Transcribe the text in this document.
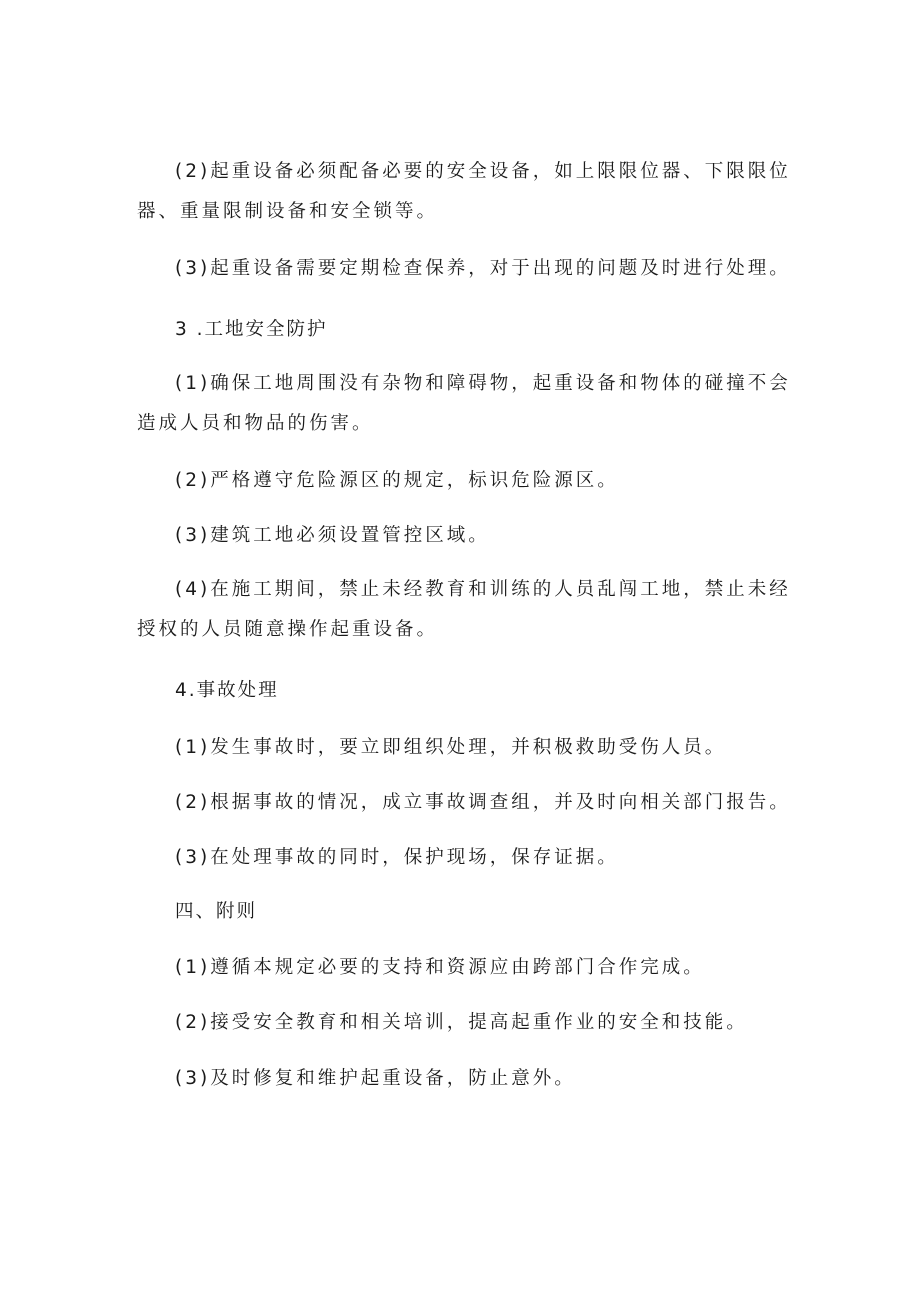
(2)起重设备必须配备必要的安全设备，如上限限位器、下限限位器、重量限制设备和安全锁等。

(3)起重设备需要定期检查保养，对于出现的问题及时进行处理。

3 .工地安全防护

(1)确保工地周围没有杂物和障碍物，起重设备和物体的碰撞不会造成人员和物品的伤害。

(2)严格遵守危险源区的规定，标识危险源区。

(3)建筑工地必须设置管控区域。

(4)在施工期间，禁止未经教育和训练的人员乱闯工地，禁止未经授权的人员随意操作起重设备。

4.事故处理

(1)发生事故时，要立即组织处理，并积极救助受伤人员。

(2)根据事故的情况，成立事故调查组，并及时向相关部门报告。

(3)在处理事故的同时，保护现场，保存证据。

四、附则

(1)遵循本规定必要的支持和资源应由跨部门合作完成。

(2)接受安全教育和相关培训，提高起重作业的安全和技能。

(3)及时修复和维护起重设备，防止意外。
